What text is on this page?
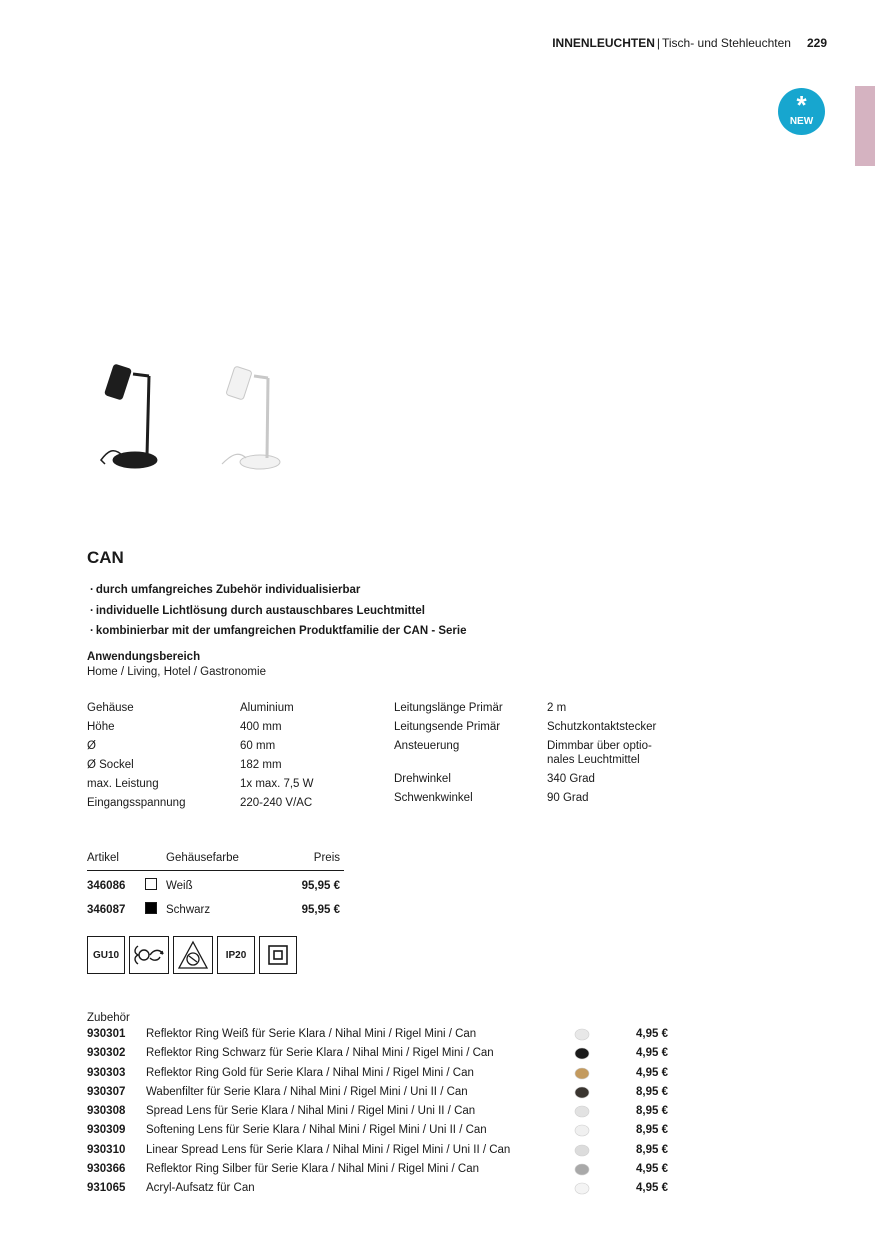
INNENLEUCHTEN | Tisch- und Stehleuchten 229
*
NEW
CAN
· durch umfangreiches Zubehör individualisierbar
· individuelle Lichtlösung durch austauschbares Leuchtmittel
· kombinierbar mit der umfangreichen Produktfamilie der CAN - Serie
Anwendungsbereich
Home / Living, Hotel / Gastronomie
Gehäuse	Aluminium
Höhe	400 mm
Ø	60 mm
Ø Sockel	182 mm
max. Leistung	1x max. 7,5 W
Eingangsspannung	220-240 V/AC
Leitungslänge Primär	2 m
Leitungsende Primär	Schutzkontaktstecker
Ansteuerung	Dimmbar über optio-nales Leuchtmittel
Drehwinkel	340 Grad
Schwenkwinkel	90 Grad
Artikel	Gehäusefarbe	Preis
346086	Weiß	95,95 €
346087	Schwarz	95,95 €
GU10	IP20
Zubehör
930301 Reflektor Ring Weiß für Serie Klara / Nihal Mini / Rigel Mini / Can	4,95 €
930302 Reflektor Ring Schwarz für Serie Klara / Nihal Mini / Rigel Mini / Can	4,95 €
930303 Reflektor Ring Gold für Serie Klara / Nihal Mini / Rigel Mini / Can	4,95 €
930307 Wabenfilter für Serie Klara / Nihal Mini / Rigel Mini / Uni II / Can	8,95 €
930308 Spread Lens für Serie Klara / Nihal Mini / Rigel Mini / Uni II / Can	8,95 €
930309 Softening Lens für Serie Klara / Nihal Mini / Rigel Mini / Uni II / Can	8,95 €
930310 Linear Spread Lens für Serie Klara / Nihal Mini / Rigel Mini / Uni II / Can	8,95 €
930366 Reflektor Ring Silber für Serie Klara / Nihal Mini / Rigel Mini / Can	4,95 €
931065 Acryl-Aufsatz für Can	4,95 €
